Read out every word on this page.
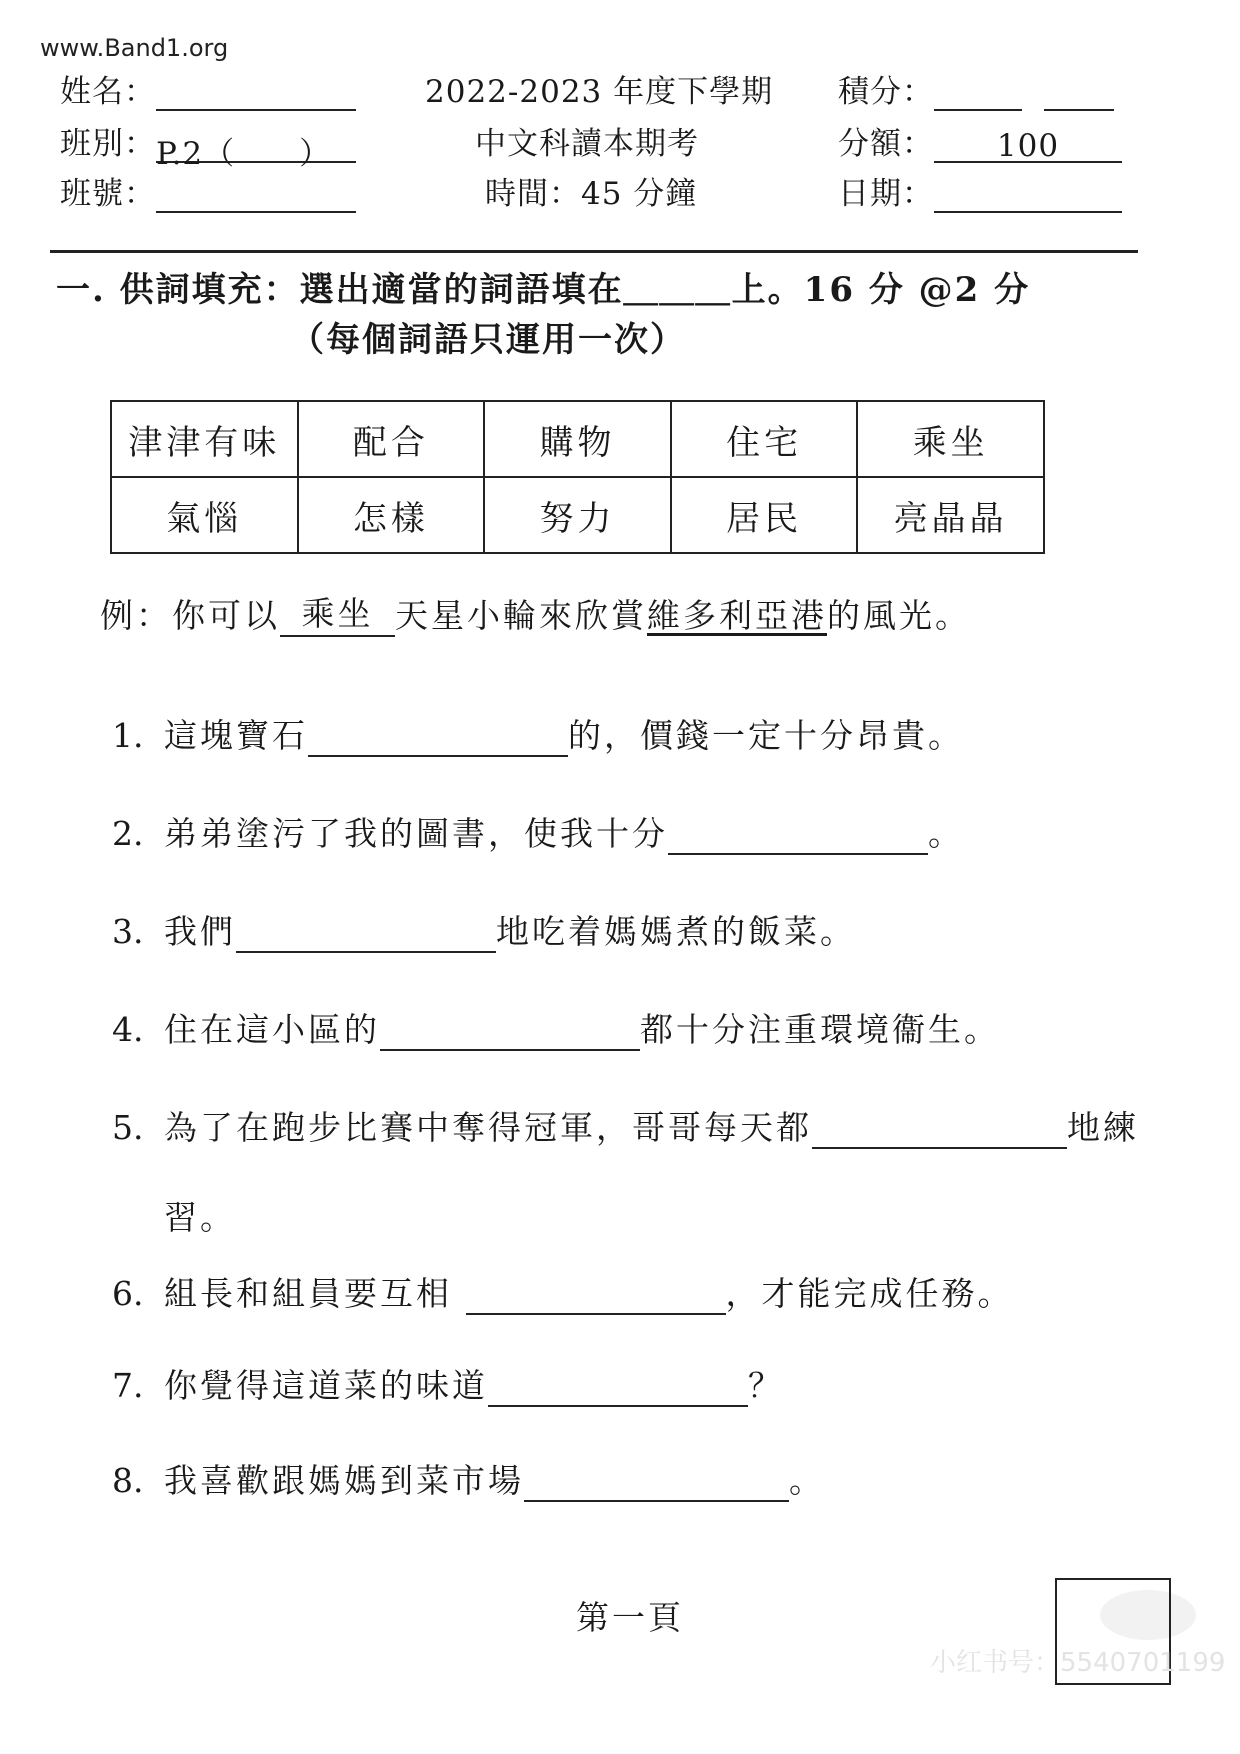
www.Band1.org
姓名：
班別：P.2（　　）
班號：
2022-2023 年度下學期
中文科讀本期考
時間：45 分鐘
積分：
分額： 100
日期：
一. 供詞填充：選出適當的詞語填在＿＿＿上。16 分 @2 分
（每個詞語只運用一次）
津津有味	配合	購物	住宅	乘坐
氣惱	怎樣	努力	居民	亮晶晶
例：你可以 乘坐 天星小輪來欣賞維多利亞港的風光。
1. 這塊寶石	的，價錢一定十分昂貴。
2. 弟弟塗污了我的圖書，使我十分	。
3. 我們	地吃着媽媽煮的飯菜。
4. 住在這小區的	都十分注重環境衞生。
5. 為了在跑步比賽中奪得冠軍，哥哥每天都	地練
習。
6. 組長和組員要互相	，才能完成任務。
7. 你覺得這道菜的味道	？
8. 我喜歡跟媽媽到菜市場	。
第一頁
小红书号：5540701199
